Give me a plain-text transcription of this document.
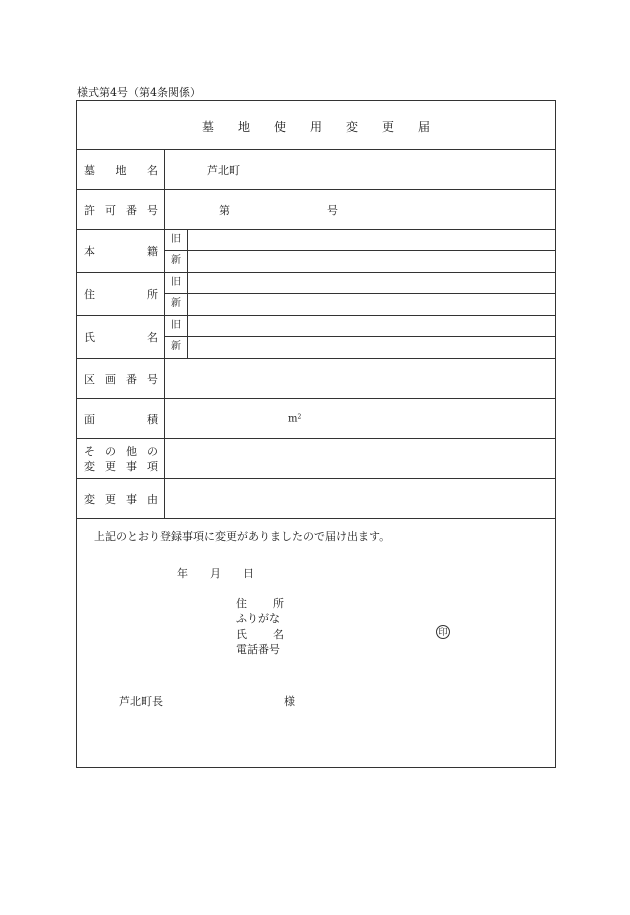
様式第4号（第4条関係）
墓地使用変更届
墓 地 名	芦北町
許 可 番 号	第	号
本	籍
旧
新
住	所
旧
新
氏	名
旧
新
区 画 番 号
面	積	$m^2$
そ の 他 の
変 更 事 項
変 更 事 由
上記のとおり登録事項に変更がありましたので届け出ます。
年 月 日
住 所
ふりがな
氏 名	印
電話番号
芦北町長	様
